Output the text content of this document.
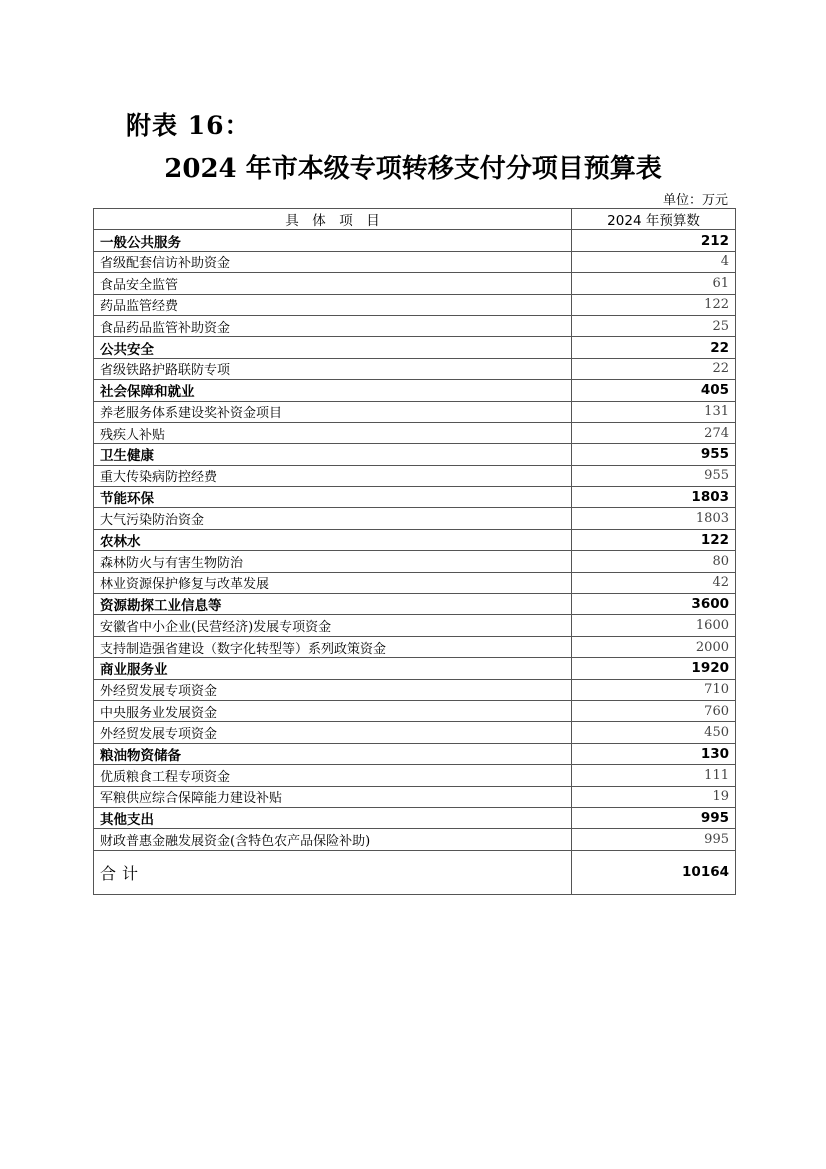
附表 16：
2024 年市本级专项转移支付分项目预算表
单位：万元
具　体　项　目	2024 年预算数
一般公共服务	212
省级配套信访补助资金	4
食品安全监管	61
药品监管经费	122
食品药品监管补助资金	25
公共安全	22
省级铁路护路联防专项	22
社会保障和就业	405
养老服务体系建设奖补资金项目	131
残疾人补贴	274
卫生健康	955
重大传染病防控经费	955
节能环保	1803
大气污染防治资金	1803
农林水	122
森林防火与有害生物防治	80
林业资源保护修复与改革发展	42
资源勘探工业信息等	3600
安徽省中小企业(民营经济)发展专项资金	1600
支持制造强省建设（数字化转型等）系列政策资金	2000
商业服务业	1920
外经贸发展专项资金	710
中央服务业发展资金	760
外经贸发展专项资金	450
粮油物资储备	130
优质粮食工程专项资金	111
军粮供应综合保障能力建设补贴	19
其他支出	995
财政普惠金融发展资金(含特色农产品保险补助)	995
合计	10164
